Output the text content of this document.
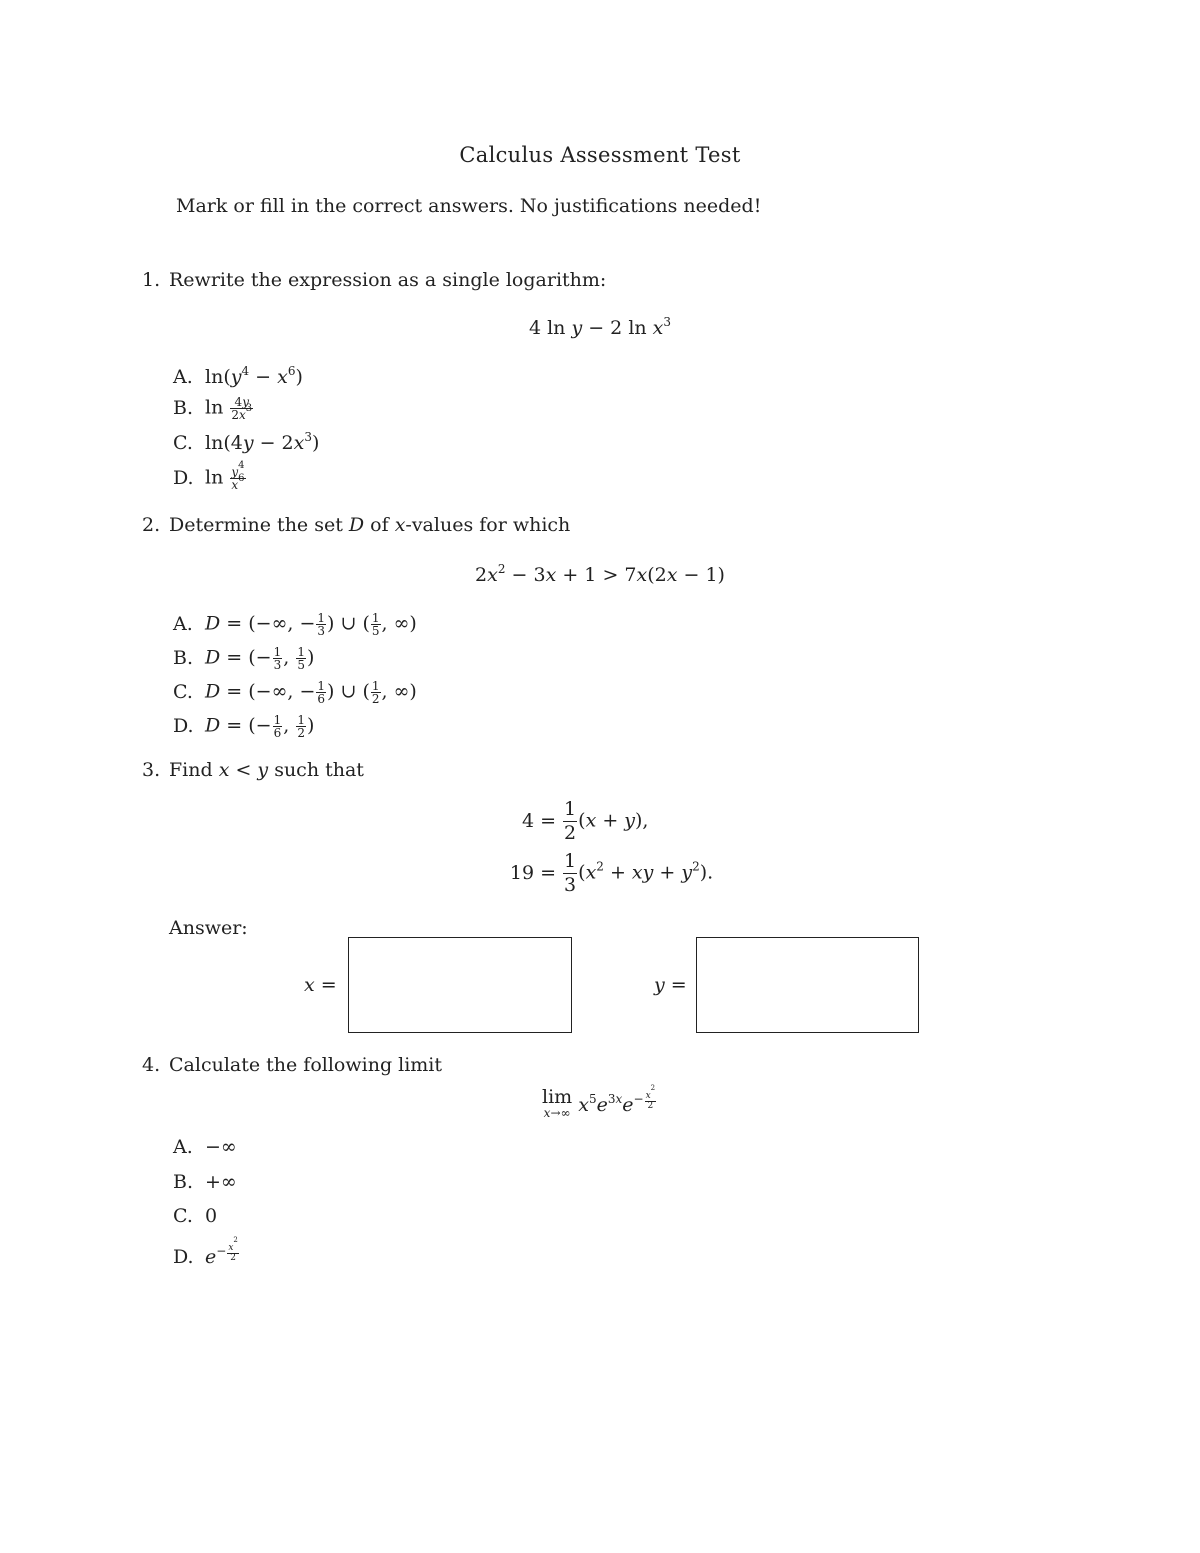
Calculus Assessment Test
Mark or fill in the correct answers. No justifications needed!
1. Rewrite the expression as a single logarithm:
4 ln y − 2 $\ln x^3$
A. $\ln(y^4 - x^6)$
B. $\ln \frac{4y}{2x^3}$
C. $\ln(4y - 2x^3)$
D. $\ln \frac{y^4}{x^6}$
2. Determine the set D of x-values for which
$2x^2 - 3x + 1 > 7x(2x - 1)$
A. D = (−∞, − $\frac{1}{3}$ ) ∪ ( $\frac{1}{5}$ , ∞)
B. D = (− $\frac{1}{3}$ , $\frac{1}{5}$ )
C. D = (−∞, − $\frac{1}{6}$ ) ∪ ( $\frac{1}{2}$ , ∞)
D. D = (− $\frac{1}{6}$ , $\frac{1}{2}$ )
3. Find x < y such that
$4 = \frac{1}{2} (x + y)$,
$19 = \frac{1}{3} (x^2$ + xy + $y^2$).
Answer:
x =	y =
4. Calculate the following limit
lim
x→∞ $x^5e^{3x}e^{- \frac{x^2}{2}}$
A. −∞
B. +∞
C. 0
D. $e^{- \frac{x^2}{2}}$
